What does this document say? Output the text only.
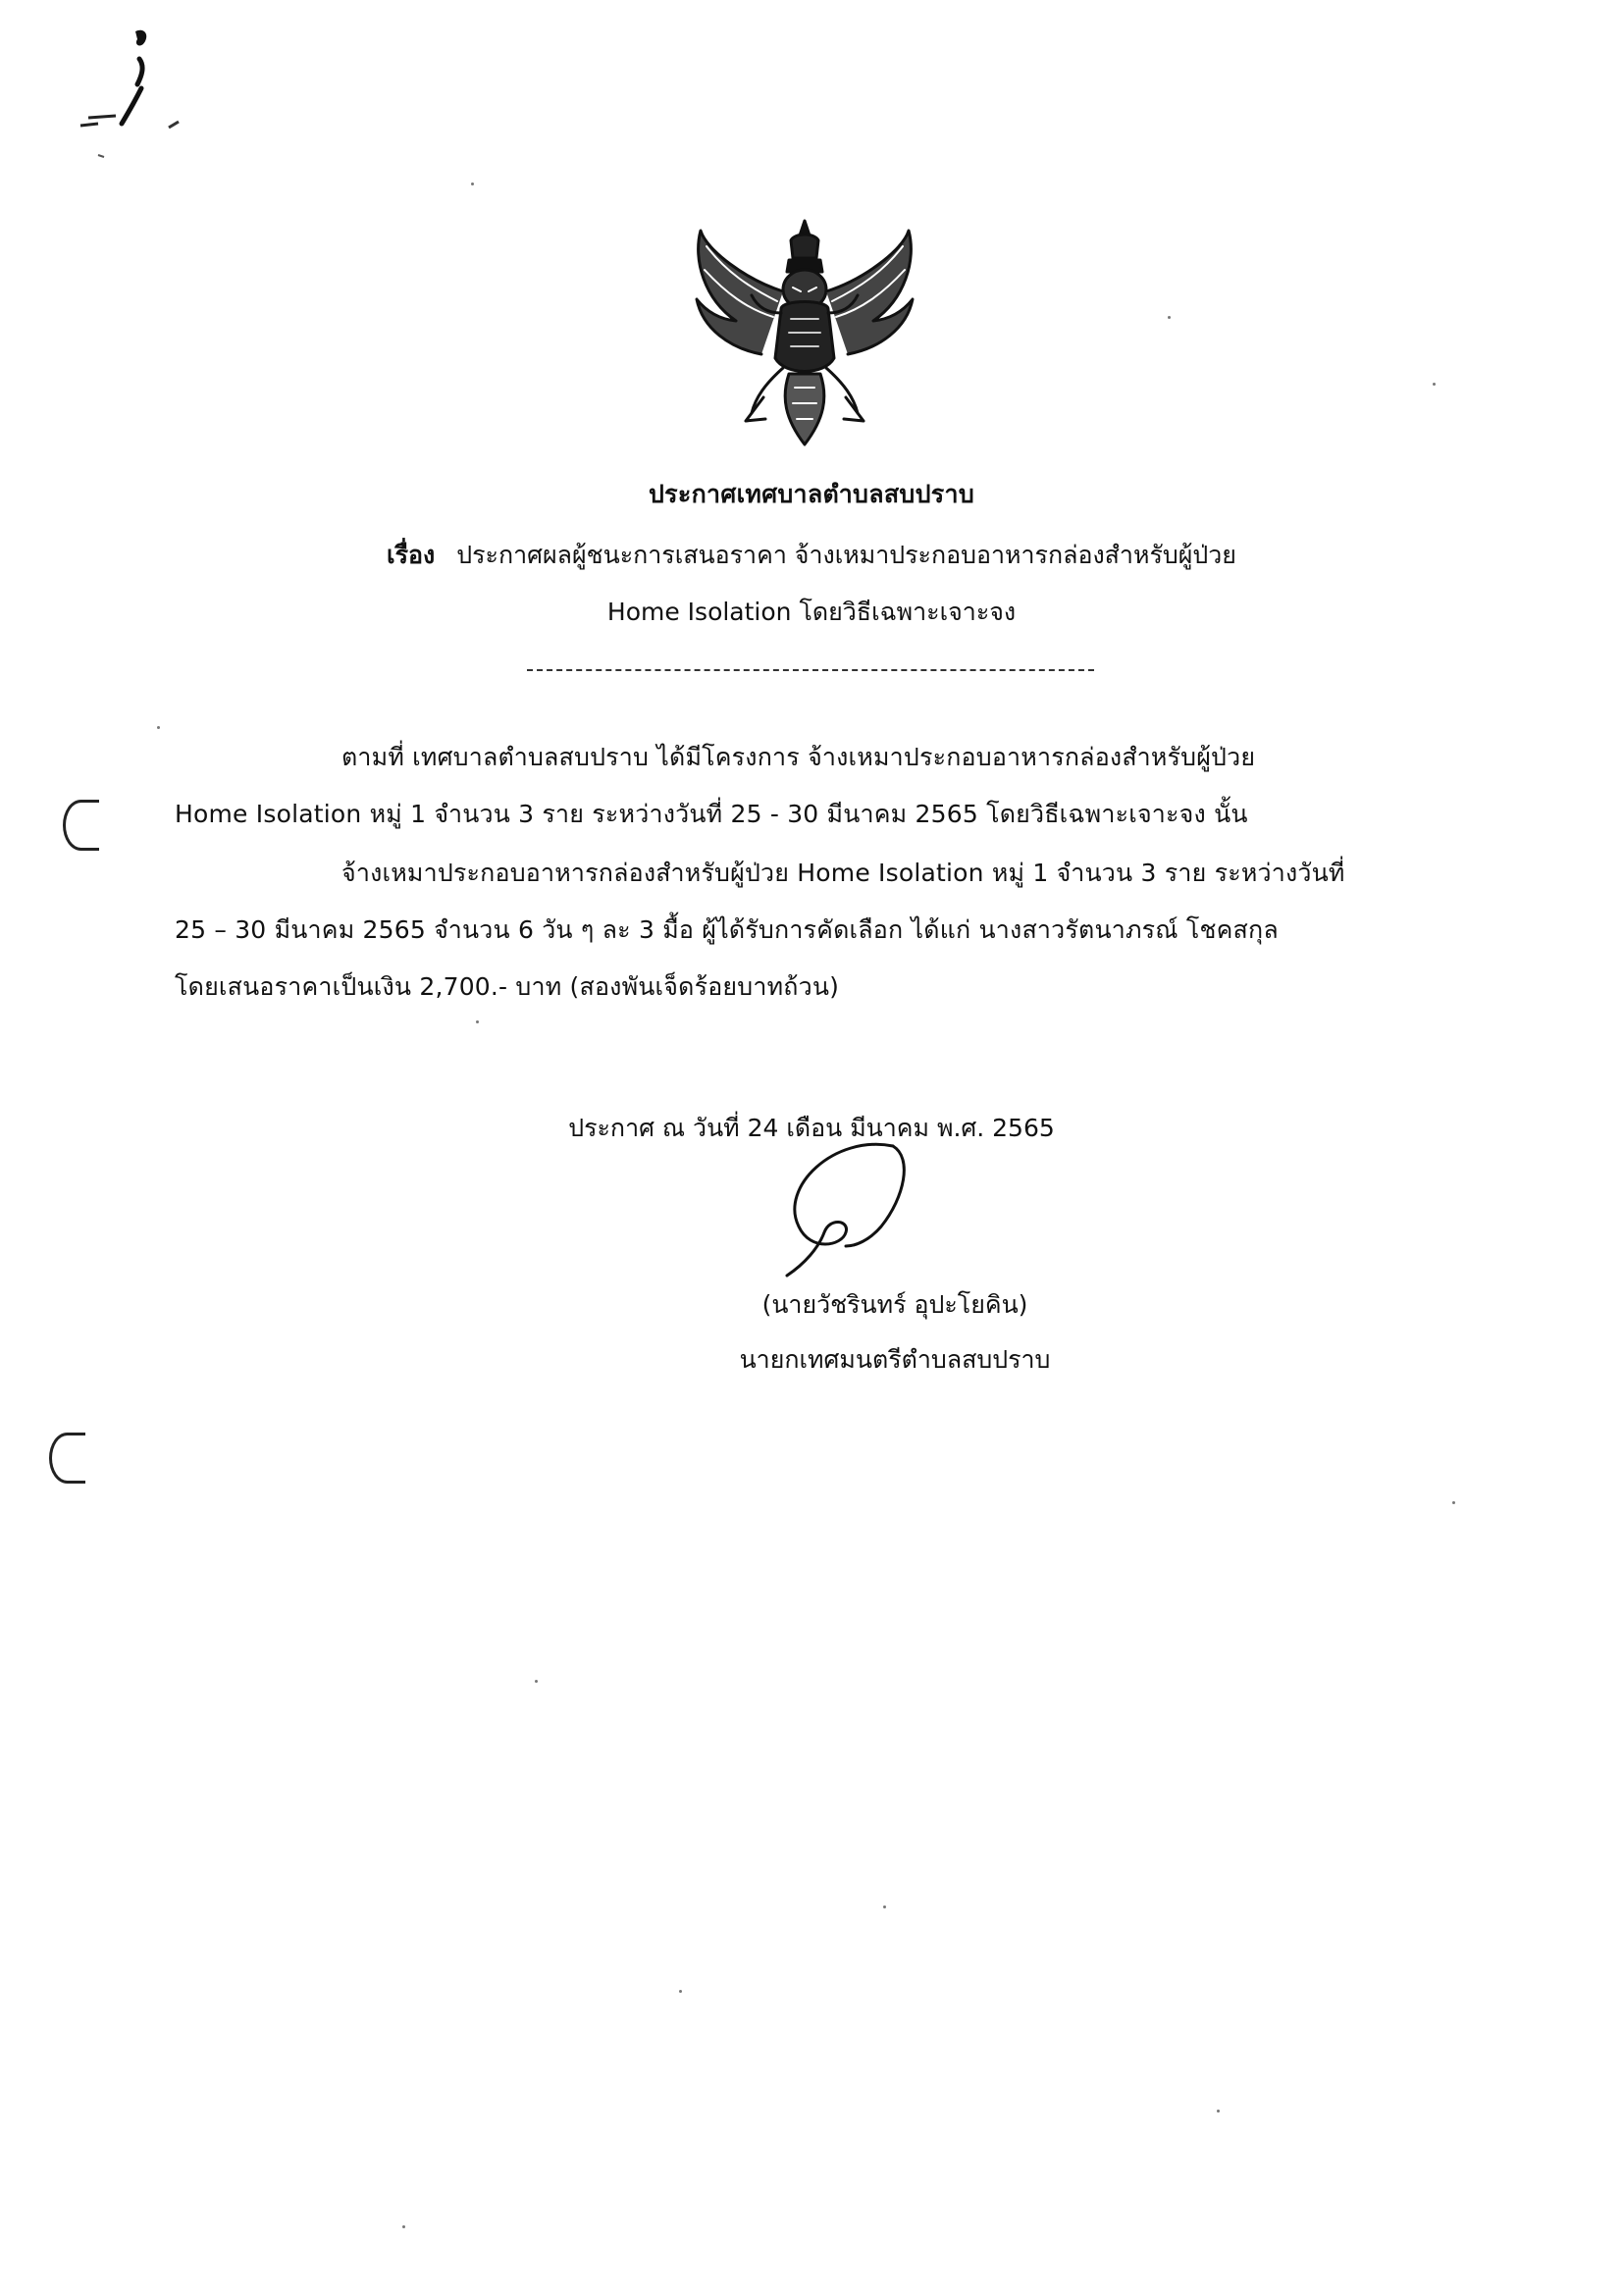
ประกาศเทศบาลตำบลสบปราบ
เรื่อง ประกาศผลผู้ชนะการเสนอราคา จ้างเหมาประกอบอาหารกล่องสำหรับผู้ป่วย
Home Isolation โดยวิธีเฉพาะเจาะจง
ตามที่ เทศบาลตำบลสบปราบ ได้มีโครงการ จ้างเหมาประกอบอาหารกล่องสำหรับผู้ป่วย
Home Isolation หมู่ 1 จำนวน 3 ราย ระหว่างวันที่ 25 - 30 มีนาคม 2565 โดยวิธีเฉพาะเจาะจง นั้น
จ้างเหมาประกอบอาหารกล่องสำหรับผู้ป่วย Home Isolation หมู่ 1 จำนวน 3 ราย ระหว่างวันที่
25 – 30 มีนาคม 2565 จำนวน 6 วัน ๆ ละ 3 มื้อ ผู้ได้รับการคัดเลือก ได้แก่ นางสาวรัตนาภรณ์ โชคสกุล
โดยเสนอราคาเป็นเงิน 2,700.- บาท (สองพันเจ็ดร้อยบาทถ้วน)
ประกาศ ณ วันที่ 24 เดือน มีนาคม พ.ศ. 2565
(นายวัชรินทร์ อุปะโยคิน)
นายกเทศมนตรีตำบลสบปราบ
